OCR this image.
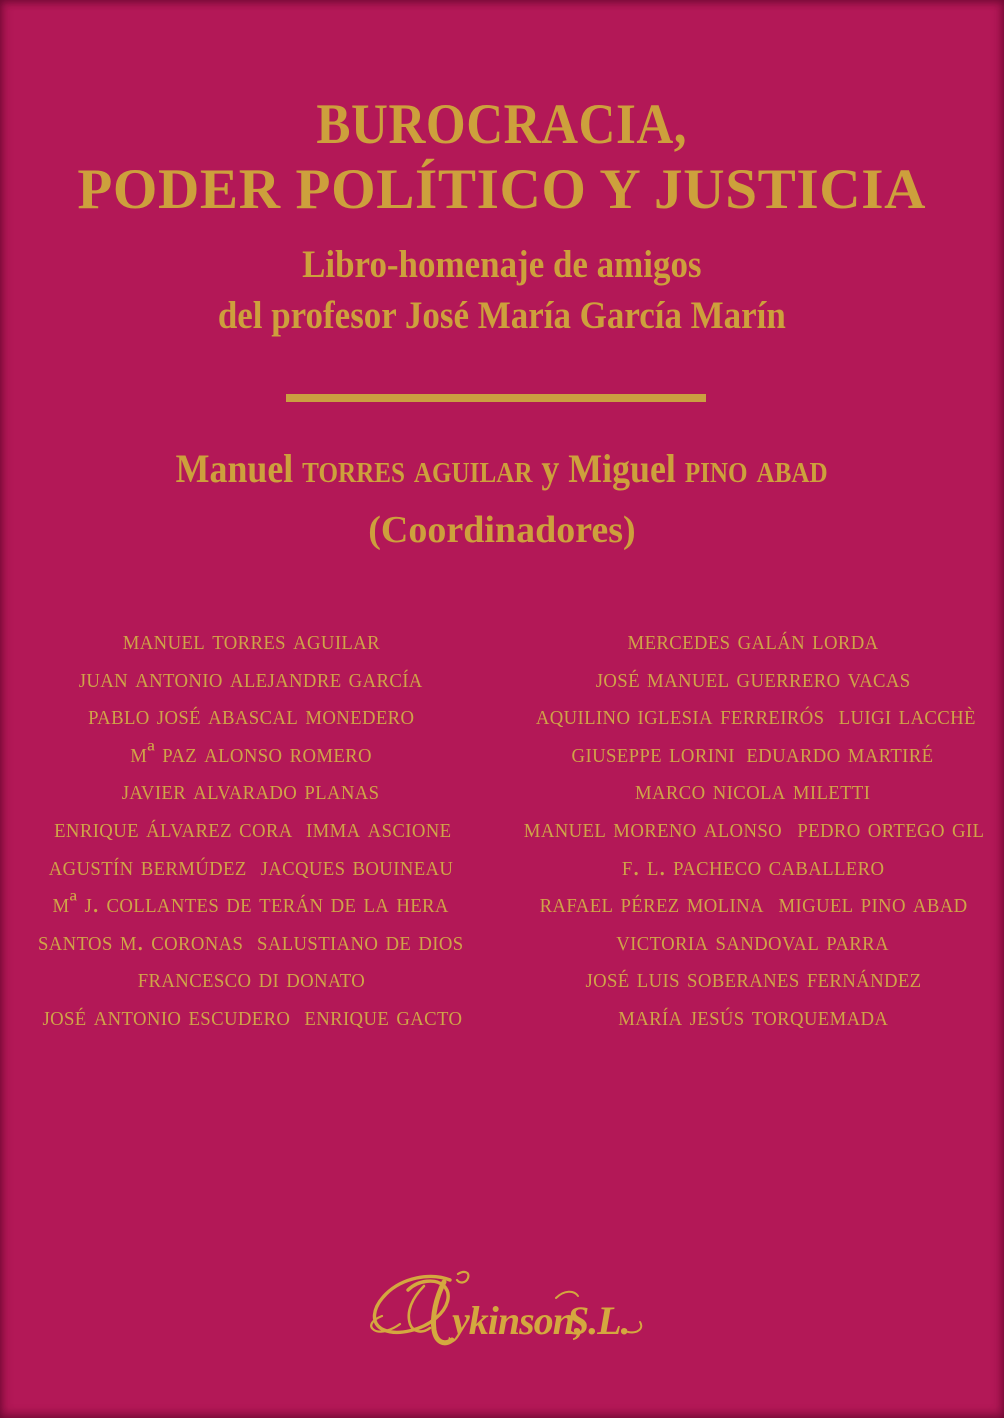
BUROCRACIA, PODER POLÍTICO Y JUSTICIA
Libro-homenaje de amigos del profesor José María García Marín
Manuel torres aguilar y Miguel pino abad
(Coordinadores)
manuel torres aguilarjuan antonio alejandre garcíapablo josé abascal monederomª paz alonso romerojavier alvarado planasenrique álvarez cora imma ascioneagustín bermúdez jacques bouineaumª j. collantes de terán de la herasantos m. coronas salustiano de diosfrancesco di donatojosé antonio escudero enrique gacto
mercedes galán lordajosé manuel guerrero vacasaquilino iglesia ferreirós luigi lacchègiuseppe lorini eduardo martirémarco nicola milettimanuel moreno alonso pedro ortego gilf. l. pacheco caballerorafael pérez molina miguel pino abadvictoria sandoval parrajosé luis soberanes fernándezmaría jesús torquemada
ykinson,
S.L.
